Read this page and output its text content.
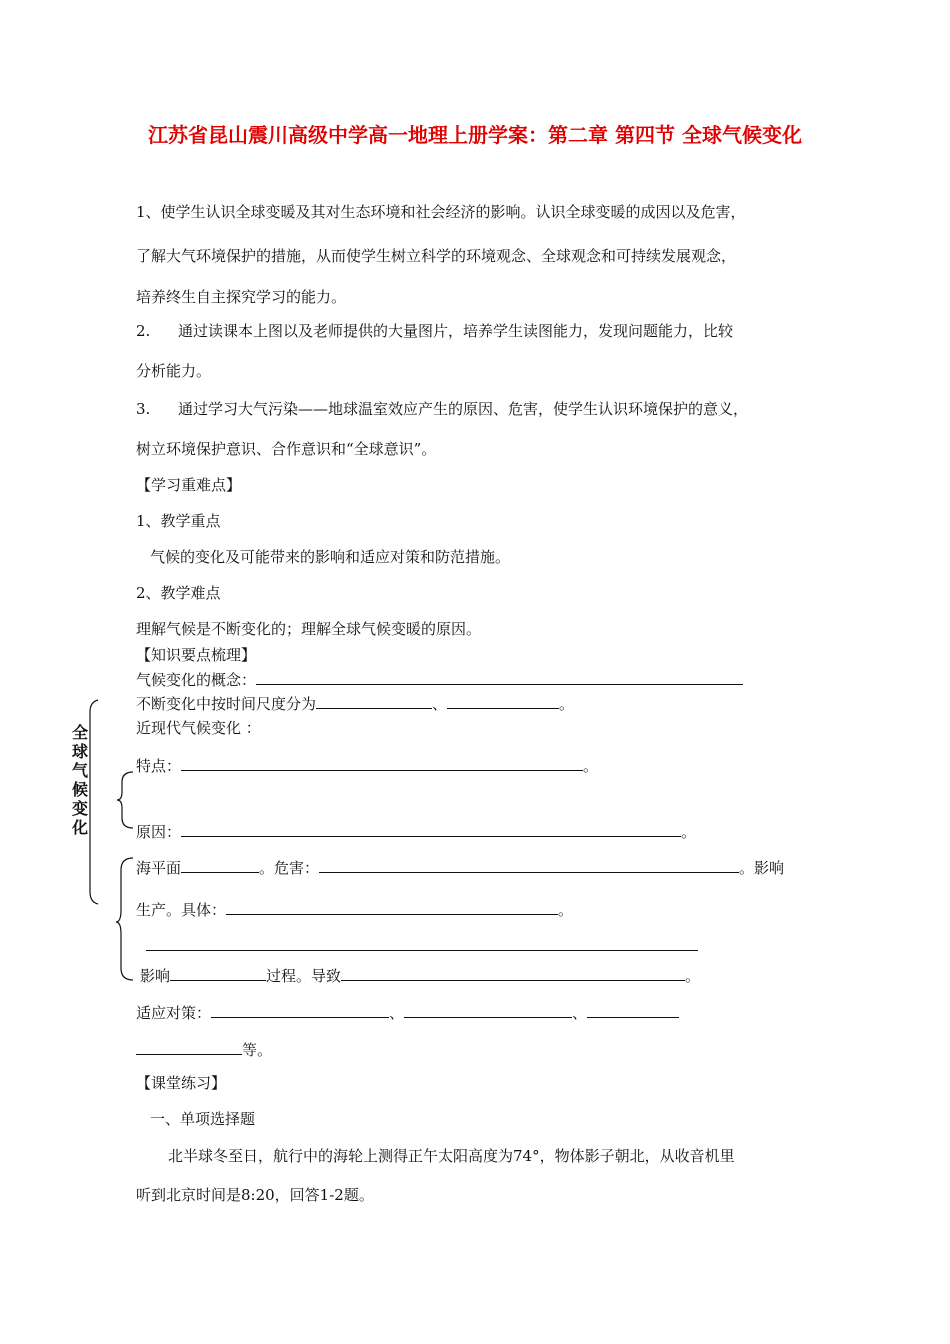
江苏省昆山震川高级中学高一地理上册学案：第二章 第四节 全球气候变化
1、使学生认识全球变暖及其对生态环境和社会经济的影响。认识全球变暖的成因以及危害，
了解大气环境保护的措施，从而使学生树立科学的环境观念、全球观念和可持续发展观念，
培养终生自主探究学习的能力。
2. 通过读课本上图以及老师提供的大量图片，培养学生读图能力，发现问题能力，比较
分析能力。
3. 通过学习大气污染——地球温室效应产生的原因、危害，使学生认识环境保护的意义，
树立环境保护意识、合作意识和“全球意识”。
【学习重难点】
1、教学重点
气候的变化及可能带来的影响和适应对策和防范措施。
2、教学难点
理解气候是不断变化的；理解全球气候变暖的原因。
【知识要点梳理】
气候变化的概念：
不断变化中按时间尺度分为	、	。
近现代气候变化 ：
特点：	。
原因：	。
海平面	。危害：	。影响
生产。具体：	。
影响	过程。导致	。
适应对策：	、	、
等。
全球气候变化
【课堂练习】
一、单项选择题
北半球冬至日，航行中的海轮上测得正午太阳高度为74°，物体影子朝北，从收音机里
听到北京时间是8:20，回答1-2题。
